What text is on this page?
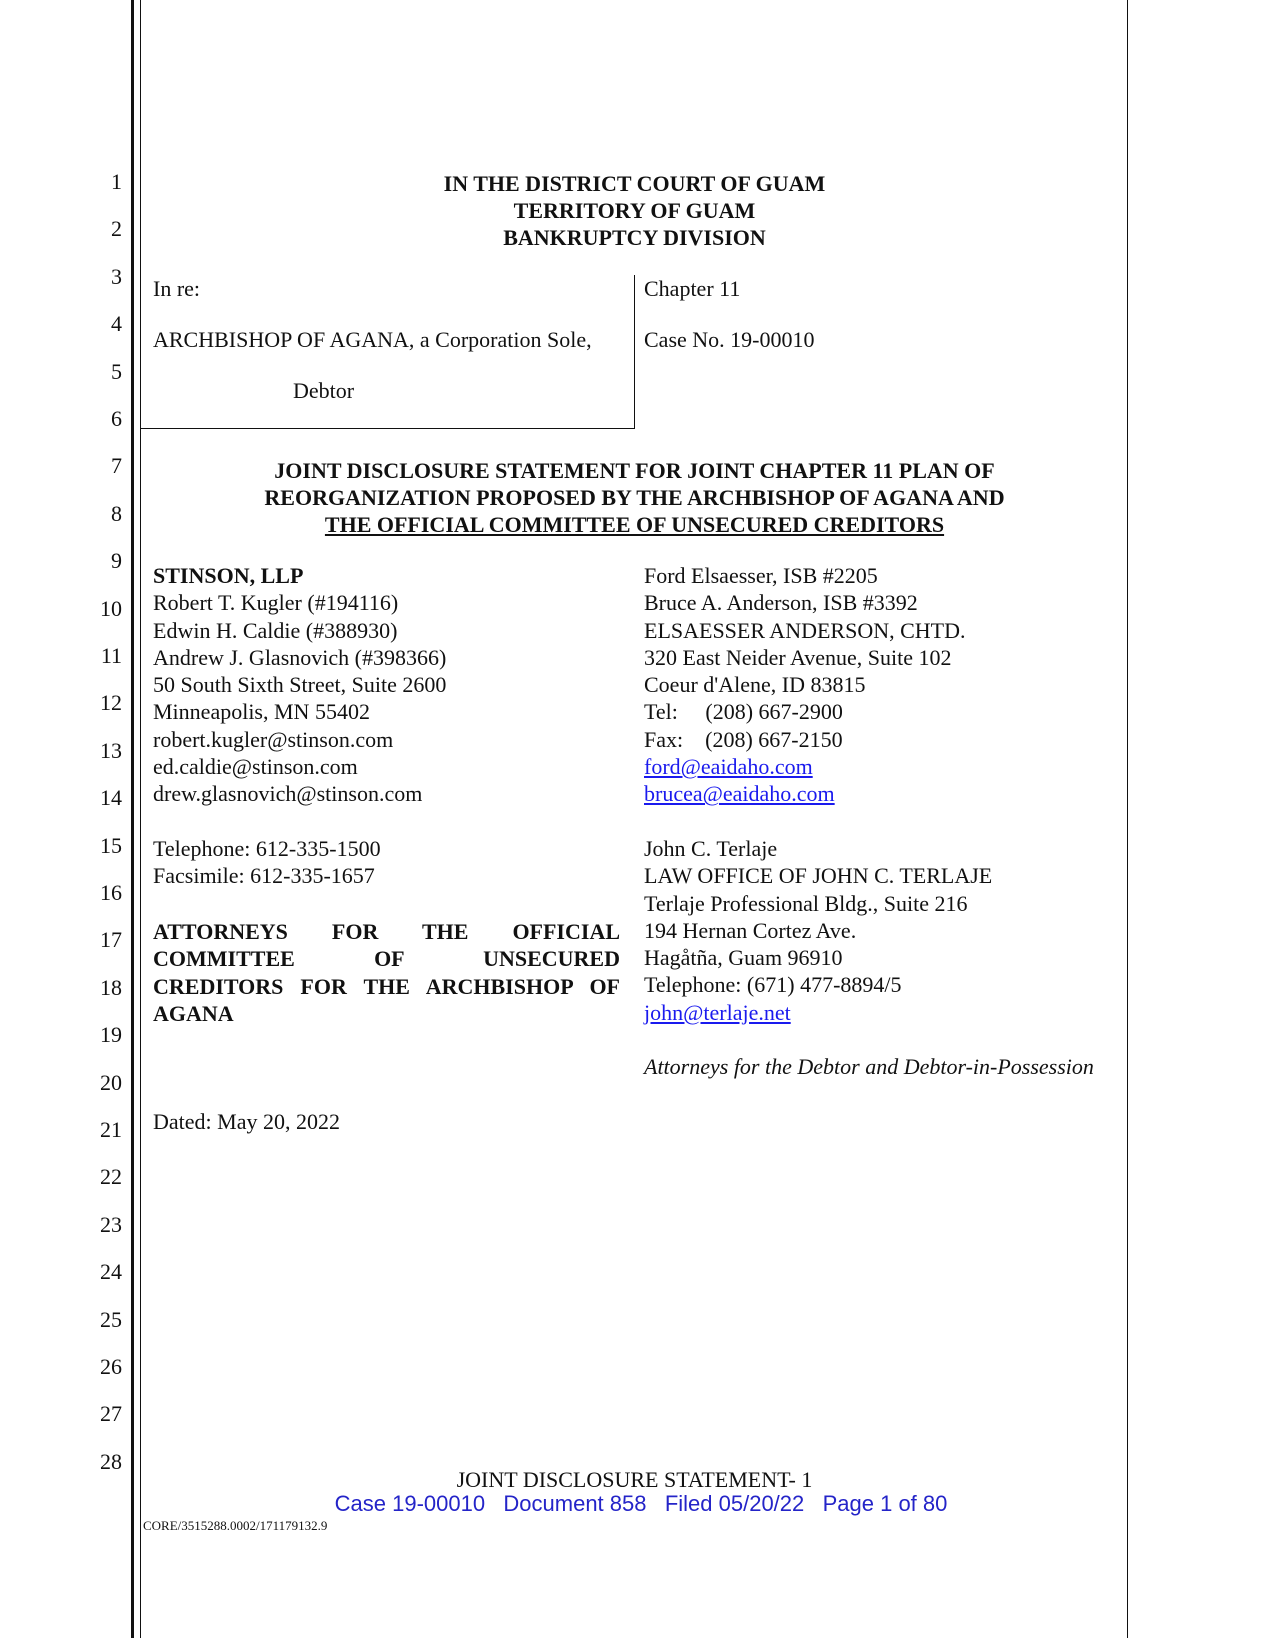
1
2
3
4
5
6
7
8
9
10
11
12
13
14
15
16
17
18
19
20
21
22
23
24
25
26
27
28
IN THE DISTRICT COURT OF GUAM
TERRITORY OF GUAM
BANKRUPTCY DIVISION
In re:
ARCHBISHOP OF AGANA, a Corporation Sole,
Debtor
Chapter 11
Case No. 19-00010
JOINT DISCLOSURE STATEMENT FOR JOINT CHAPTER 11 PLAN OF
REORGANIZATION PROPOSED BY THE ARCHBISHOP OF AGANA AND
THE OFFICIAL COMMITTEE OF UNSECURED CREDITORS
STINSON, LLP
Robert T. Kugler (#194116)
Edwin H. Caldie (#388930)
Andrew J. Glasnovich (#398366)
50 South Sixth Street, Suite 2600
Minneapolis, MN 55402
robert.kugler@stinson.com
ed.caldie@stinson.com
drew.glasnovich@stinson.com

Telephone: 612-335-1500
Facsimile: 612-335-1657
ATTORNEYS FOR THE OFFICIAL
COMMITTEE OF UNSECURED
CREDITORS FOR THE ARCHBISHOP OF
AGANA
Ford Elsaesser, ISB #2205
Bruce A. Anderson, ISB #3392
ELSAESSER ANDERSON, CHTD.
320 East Neider Avenue, Suite 102
Coeur d'Alene, ID 83815
Tel:     (208) 667-2900
Fax:    (208) 667-2150
ford@eaidaho.com
brucea@eaidaho.com

John C. Terlaje
LAW OFFICE OF JOHN C. TERLAJE
Terlaje Professional Bldg., Suite 216
194 Hernan Cortez Ave.
Hagåtña, Guam 96910
Telephone: (671) 477-8894/5
john@terlaje.net

Attorneys for the Debtor and Debtor-in-Possession
Dated: May 20, 2022
JOINT DISCLOSURE STATEMENT- 1
Case 19-00010   Document 858   Filed 05/20/22   Page 1 of 80
CORE/3515288.0002/171179132.9
